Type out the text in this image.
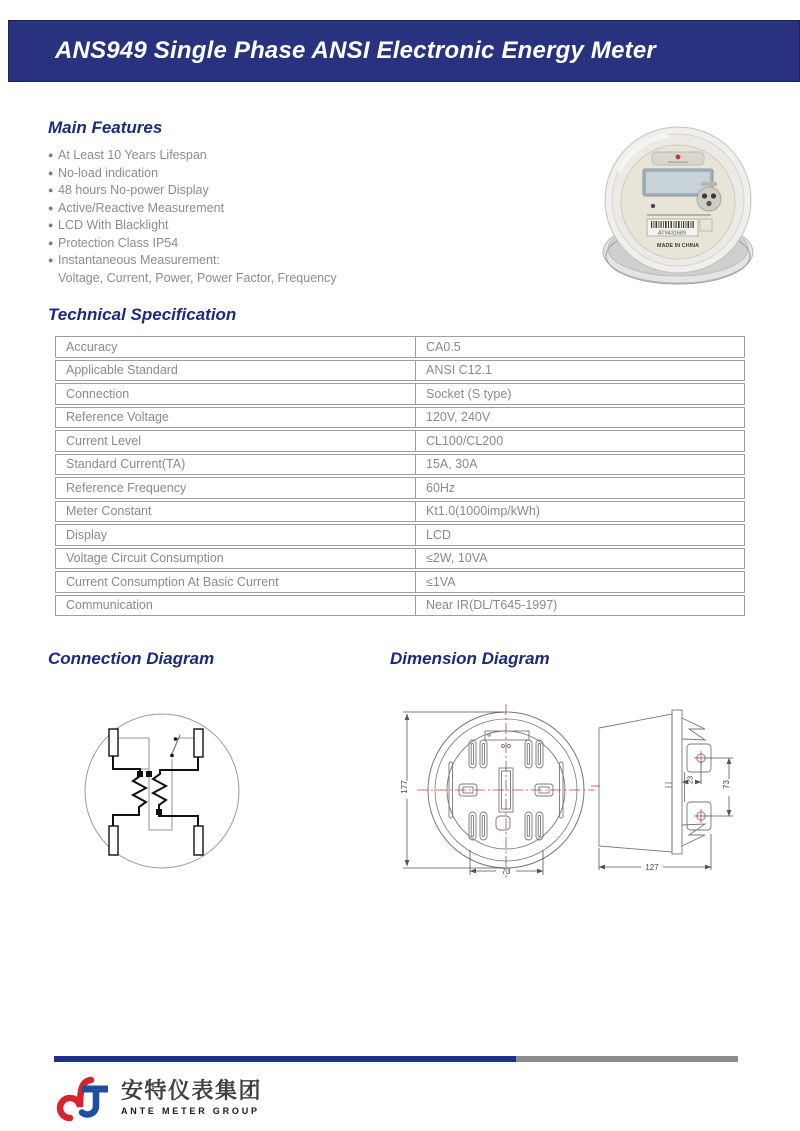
ANS949 Single Phase ANSI Electronic Energy Meter
Main Features
● At Least 10 Years Lifespan
● No-load indication
● 48 hours No-power Display
● Active/Reactive Measurement
● LCD With Blacklight
● Protection Class IP54
● Instantaneous Measurement:
Voltage, Current, Power, Power Factor, Frequency
AT9431689
MADE IN CHINA
Technical Specification
Accuracy	CA0.5
Applicable Standard	ANSI C12.1
Connection	Socket (S type)
Reference Voltage	120V, 240V
Current Level	CL100/CL200
Standard Current(TA)	15A, 30A
Reference Frequency	60Hz
Meter Constant	Kt1.0(1000imp/kWh)
Display	LCD
Voltage Circuit Consumption	≤2W, 10VA
Current Consumption At Basic Current	≤1VA
Communication	Near IR(DL/T645-1997)
Connection Diagram	Dimension Diagram
177
73
23
73
127
安特仪表集团
ANTE METER GROUP
